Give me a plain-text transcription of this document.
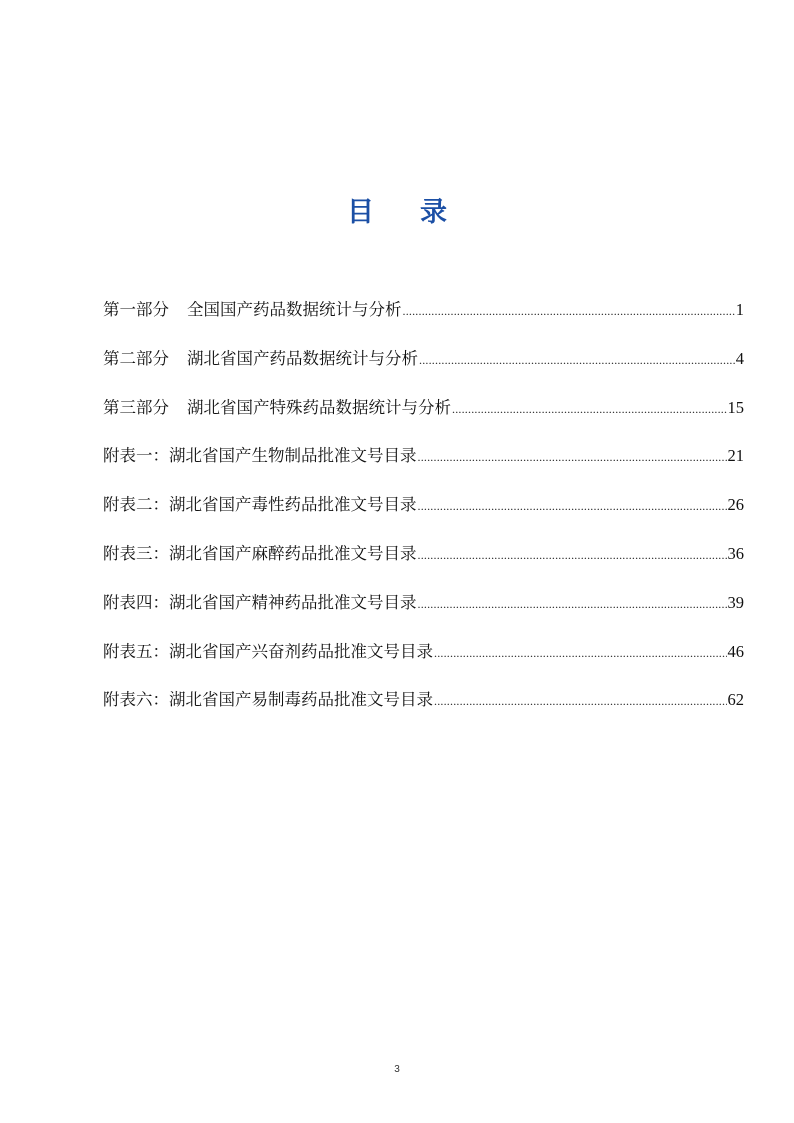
目 录
第一部分 全国国产药品数据统计与分析 .....	1
第二部分 湖北省国产药品数据统计与分析 .....	4
第三部分 湖北省国产特殊药品数据统计与分析 .....	15
附表一：湖北省国产生物制品批准文号目录 .....	21
附表二：湖北省国产毒性药品批准文号目录 .....	26
附表三：湖北省国产麻醉药品批准文号目录 .....	36
附表四：湖北省国产精神药品批准文号目录 .....	39
附表五：湖北省国产兴奋剂药品批准文号目录 .....	46
附表六：湖北省国产易制毒药品批准文号目录 .....	62
3
